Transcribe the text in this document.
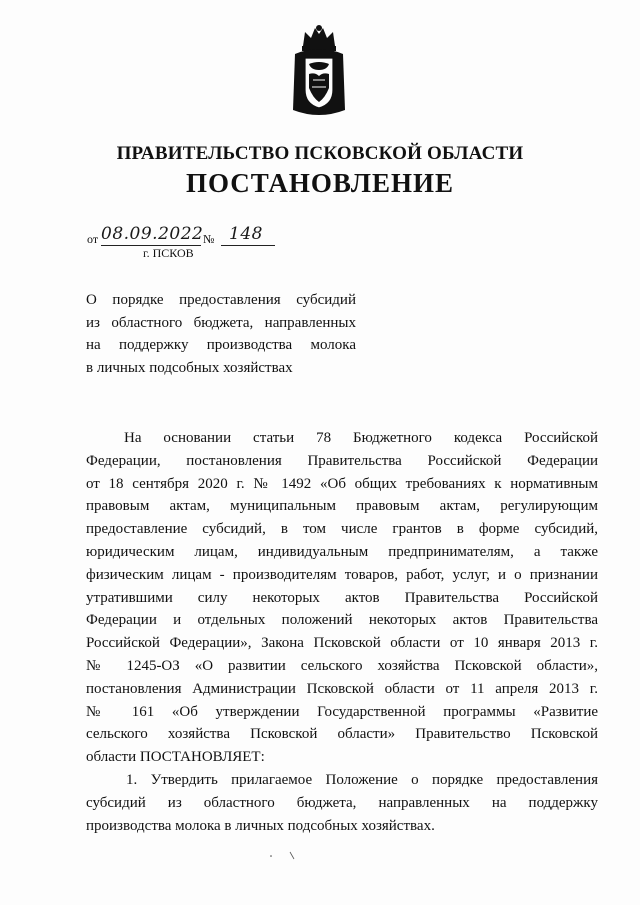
ПРАВИТЕЛЬСТВО ПСКОВСКОЙ ОБЛАСТИ
ПОСТАНОВЛЕНИЕ
от 08.09.2022 № 148
г. ПСКОВ
О порядке предоставления субсидий
из областного бюджета, направленных
на поддержку производства молока
в личных подсобных хозяйствах
На основании статьи 78 Бюджетного кодекса Российской
Федерации, постановления Правительства Российской Федерации
от 18 сентября 2020 г. № 1492 «Об общих требованиях к нормативным
правовым актам, муниципальным правовым актам, регулирующим
предоставление субсидий, в том числе грантов в форме субсидий,
юридическим лицам, индивидуальным предпринимателям, а также
физическим лицам - производителям товаров, работ, услуг, и о признании
утратившими силу некоторых актов Правительства Российской
Федерации и отдельных положений некоторых актов Правительства
Российской Федерации», Закона Псковской области от 10 января 2013 г.
№ 1245-ОЗ «О развитии сельского хозяйства Псковской области»,
постановления Администрации Псковской области от 11 апреля 2013 г.
№ 161 «Об утверждении Государственной программы «Развитие
сельского хозяйства Псковской области» Правительство Псковской
области ПОСТАНОВЛЯЕТ:
1. Утвердить прилагаемое Положение о порядке предоставления
субсидий из областного бюджета, направленных на поддержку
производства молока в личных подсобных хозяйствах.
